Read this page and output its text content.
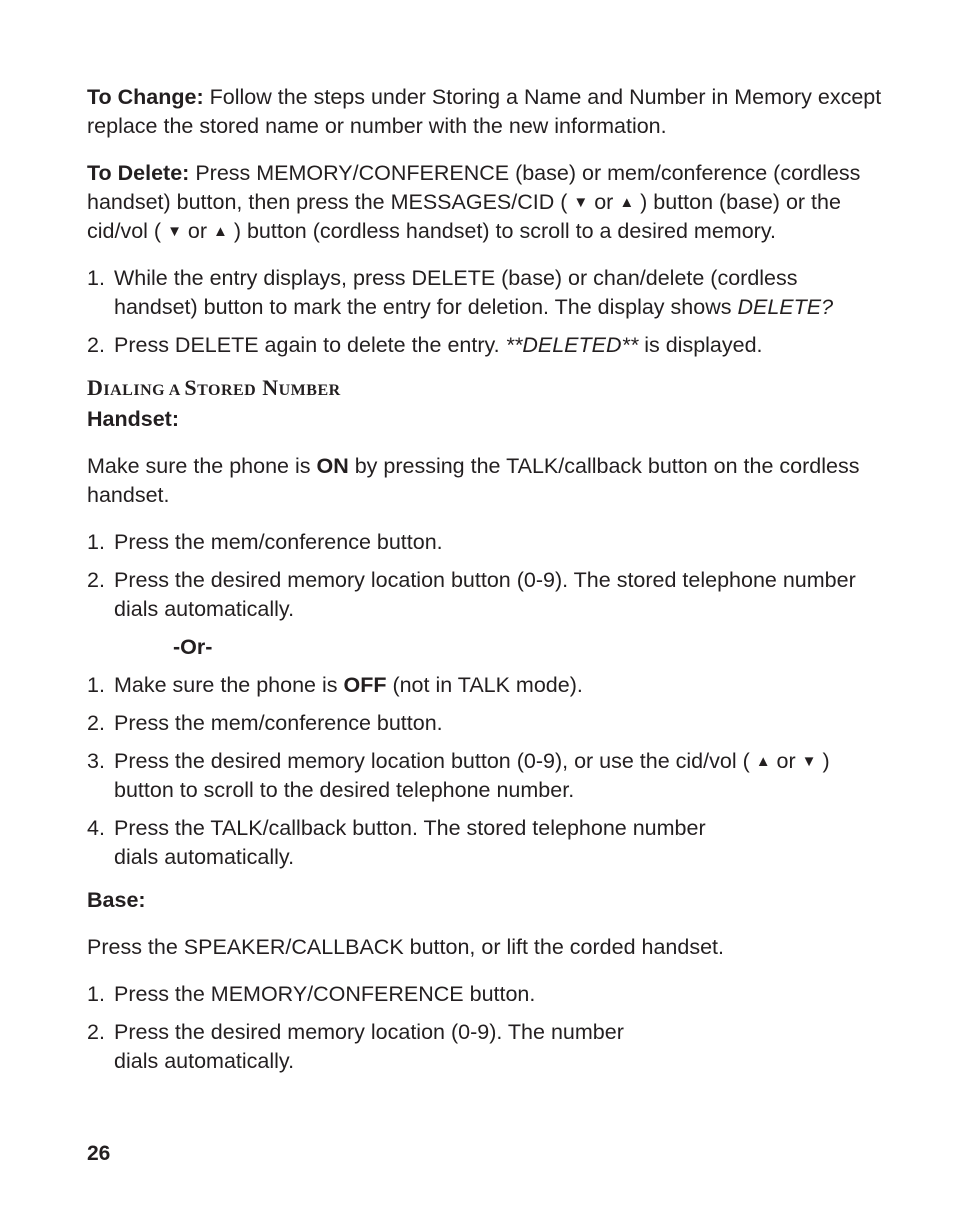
To Change: Follow the steps under Storing a Name and Number in Memory except replace the stored name or number with the new information.

To Delete: Press MEMORY/CONFERENCE (base) or mem/conference (cordless handset) button, then press the MESSAGES/CID ( ▼ or ▲ ) button (base) or the cid/vol ( ▼ or ▲ ) button (cordless handset) to scroll to a desired memory.

1. While the entry displays, press DELETE (base) or chan/delete (cordless handset) button to mark the entry for deletion. The display shows DELETE?
2. Press DELETE again to delete the entry. **DELETED** is displayed.
DIALING A STORED NUMBER

Handset:

Make sure the phone is ON by pressing the TALK/callback button on the cordless handset.

1. Press the mem/conference button.
2. Press the desired memory location button (0-9). The stored telephone number dials automatically.

-Or-

1. Make sure the phone is OFF (not in TALK mode).
2. Press the mem/conference button.
3. Press the desired memory location button (0-9), or use the cid/vol ( ▲ or ▼ ) button to scroll to the desired telephone number.
4. Press the TALK/callback button. The stored telephone number dials automatically.

Base:

Press the SPEAKER/CALLBACK button, or lift the corded handset.

1. Press the MEMORY/CONFERENCE button.
2. Press the desired memory location (0-9). The number dials automatically.
26
